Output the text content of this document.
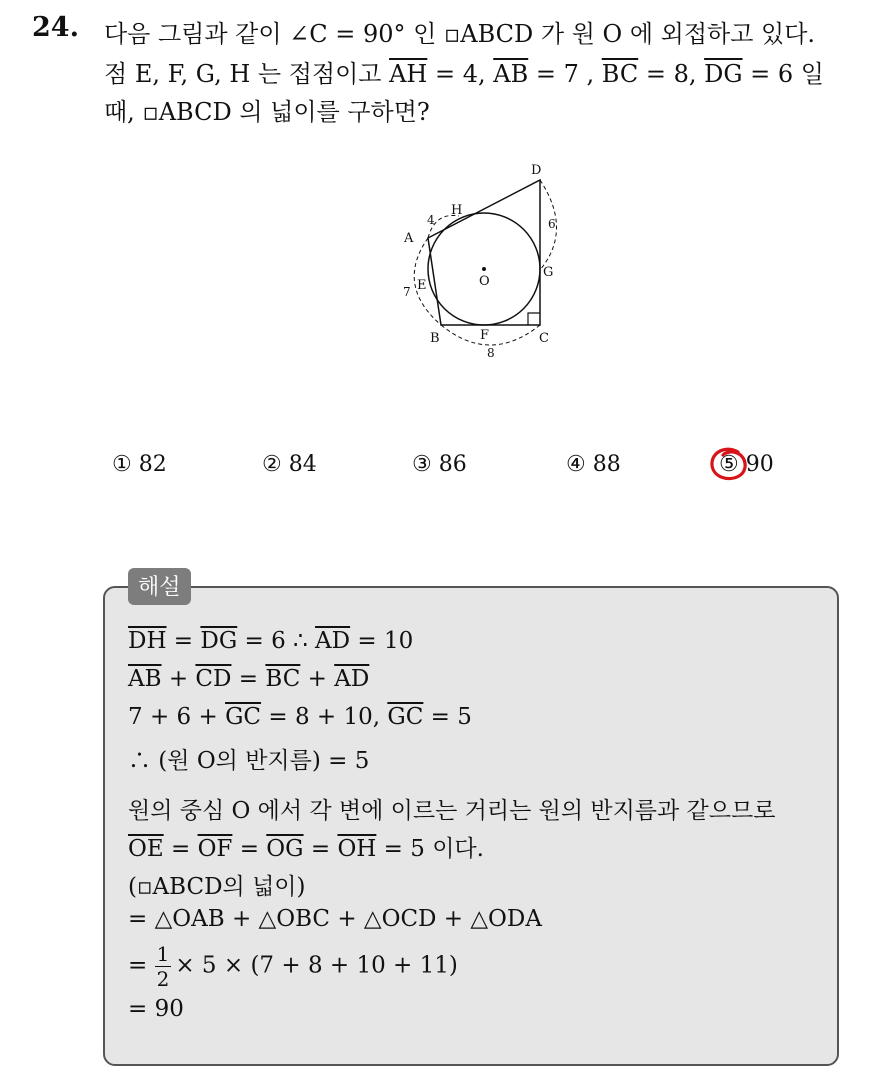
24. 다음 그림과 같이 ∠C = 90° 인 ▫ABCD 가 원 O 에 외접하고 있다.
점 E, F, G, H 는 접점이고 $\overline{AH} = 4$, $\overline{AB} = 7$ , $\overline{BC} = 8$, $\overline{DG} = 6$ 일
때, ▫ABCD 의 넓이를 구하면?
A
B	C
D
E
F
G
H
O
4
7
8
6
① 82	② 84	③ 86	④ 88	⑤ 90
해설
$\overline{DH} = \overline{DG} = 6$ ∴ $\overline{AD} = 10$
$\overline{AB} + \overline{CD} = \overline{BC} + \overline{AD}$
$7 + 6 + \overline{GC} = 8 + 10$, $\overline{GC} = 5$
∴ (원 O의 반지름) = 5
원의 중심 O 에서 각 변에 이르는 거리는 원의 반지름과 같으므로
$\overline{OE} = \overline{OF} = \overline{OG} = \overline{OH} = 5$ 이다.
(▫ABCD의 넓이)
= △OAB + △OBC + △OCD + △ODA
= $\frac{1}{2} \times 5 \times (7 + 8 + 10 + 11)$
= 90
